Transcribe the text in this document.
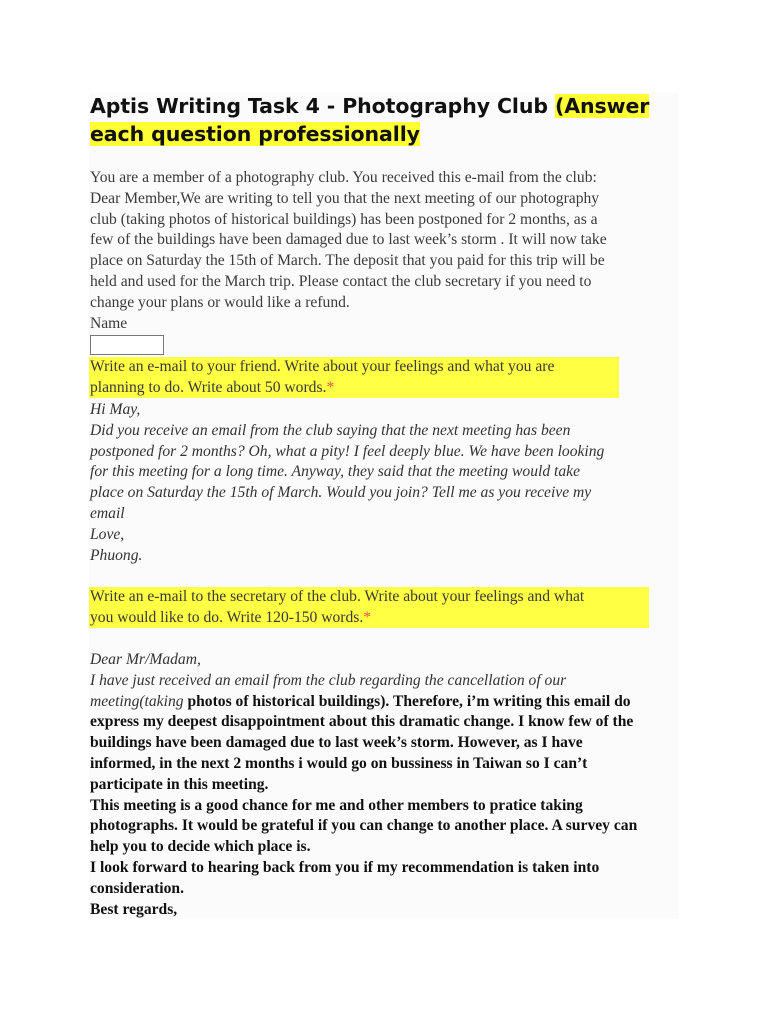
Aptis Writing Task 4 - Photography Club (Answer
each question professionally
You are a member of a photography club. You received this e-mail from the club:
Dear Member,We are writing to tell you that the next meeting of our photography
club (taking photos of historical buildings) has been postponed for 2 months, as a
few of the buildings have been damaged due to last week’s storm . It will now take
place on Saturday the 15th of March. The deposit that you paid for this trip will be
held and used for the March trip. Please contact the club secretary if you need to
change your plans or would like a refund.
Name
Write an e-mail to your friend. Write about your feelings and what you are
planning to do. Write about 50 words.*
Hi May,
Did you receive an email from the club saying that the next meeting has been
postponed for 2 months? Oh, what a pity! I feel deeply blue. We have been looking
for this meeting for a long time. Anyway, they said that the meeting would take
place on Saturday the 15th of March. Would you join? Tell me as you receive my
email
Love,
Phuong.
Write an e-mail to the secretary of the club. Write about your feelings and what
you would like to do. Write 120-150 words.*
Dear Mr/Madam,
I have just received an email from the club regarding the cancellation of our
meeting(taking photos of historical buildings). Therefore, i’m writing this email do
express my deepest disappointment about this dramatic change. I know few of the
buildings have been damaged due to last week’s storm. However, as I have
informed, in the next 2 months i would go on bussiness in Taiwan so I can’t
participate in this meeting.
This meeting is a good chance for me and other members to pratice taking
photographs. It would be grateful if you can change to another place. A survey can
help you to decide which place is.
I look forward to hearing back from you if my recommendation is taken into
consideration.
Best regards,
